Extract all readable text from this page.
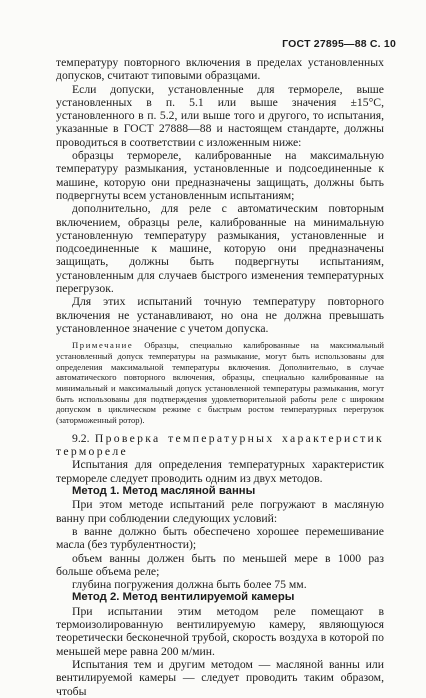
ГОСТ 27895—88 С. 10

температуру повторного включения в пределах установленных допусков, считают типовыми образцами.

Если допуски, установленные для термореле, выше установленных в п. 5.1 или выше значения ±15°С, установленного в п. 5.2, или выше того и другого, то испытания, указанные в ГОСТ 27888—88 и настоящем стандарте, должны проводиться в соответствии с изложенным ниже:

образцы термореле, калиброванные на максимальную температуру размыкания, установленные и подсоединенные к машине, которую они предназначены защищать, должны быть подвергнуты всем установленным испытаниям;

дополнительно, для реле с автоматическим повторным включением, образцы реле, калиброванные на минимальную установленную температуру размыкания, установленные и подсоединенные к машине, которую они предназначены защищать, должны быть подвергнуты испытаниям, установленным для случаев быстрого изменения температурных перегрузок.

Для этих испытаний точную температуру повторного включения не устанавливают, но она не должна превышать установленное значение с учетом допуска.

Примечание Образцы, специально калиброванные на максимальный установленный допуск температуры на размыкание, могут быть использованы для определения максимальной температуры включения. Дополнительно, в случае автоматического повторного включения, образцы, специально калиброванные на минимальный и максимальный допуск установленной температуры размыкания, могут быть использованы для подтверждения удовлетворительной работы реле с широким допуском в циклическом режиме с быстрым ростом температурных перегрузок (заторможенный ротор).

9.2. Проверка температурных характеристик термореле

Испытания для определения температурных характеристик термореле следует проводить одним из двух методов.

Метод 1. Метод масляной ванны

При этом методе испытаний реле погружают в масляную ванну при соблюдении следующих условий:

в ванне должно быть обеспечено хорошее перемешивание масла (без турбулентности);

объем ванны должен быть по меньшей мере в 1000 раз больше объема реле;

глубина погружения должна быть более 75 мм.

Метод 2. Метод вентилируемой камеры

При испытании этим методом реле помещают в термоизолированную вентилируемую камеру, являющуюся теоретически бесконечной трубой, скорость воздуха в которой по меньшей мере равна 200 м/мин.

Испытания тем и другим методом — масляной ванны или вентилируемой камеры — следует проводить таким образом, чтобы
